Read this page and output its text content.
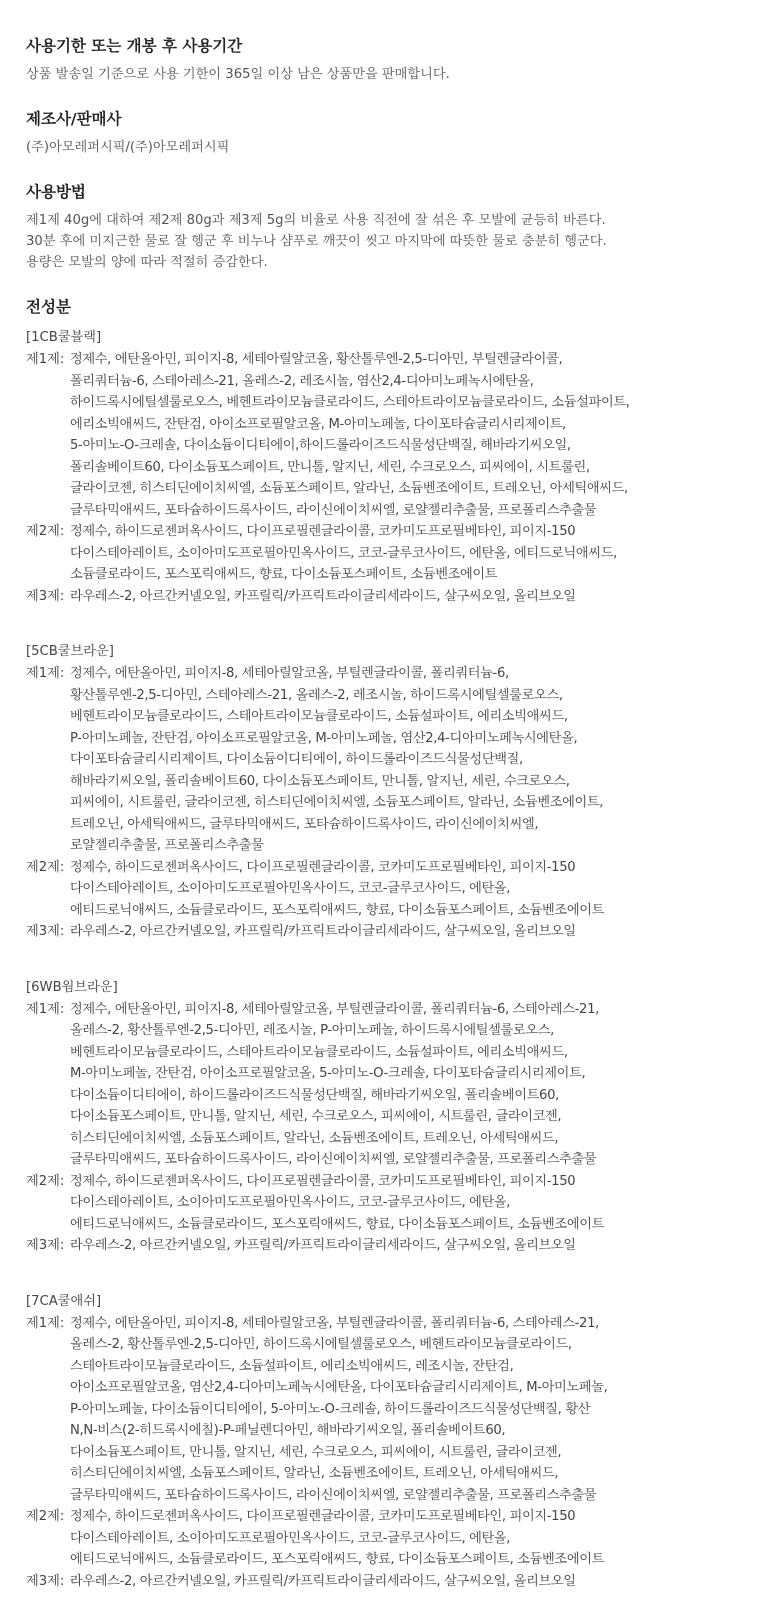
사용기한 또는 개봉 후 사용기간

상품 발송일 기준으로 사용 기한이 365일 이상 남은 상품만을 판매합니다.

제조사/판매사

(주)아모레퍼시픽/(주)아모레퍼시픽

사용방법

제1제 40g에 대하여 제2제 80g과 제3제 5g의 비율로 사용 직전에 잘 섞은 후 모발에 균등히 바른다.

30분 후에 미지근한 물로 잘 헹군 후 비누나 샴푸로 깨끗이 씻고 마지막에 따뜻한 물로 충분히 헹군다.

용량은 모발의 양에 따라 적절히 증감한다.

전성분
[1CB쿨블랙]
제1제: 정제수, 에탄올아민, 피이지-8, 세테아릴알코올, 황산톨루엔-2,5-디아민, 부틸렌글라이콜,
폴리쿼터늄-6, 스테아레스-21, 올레스-2, 레조시놀, 염산2,4-디아미노페녹시에탄올,
하이드록시에틸셀룰로오스, 베헨트라이모늄클로라이드, 스테아트라이모늄클로라이드, 소듐설파이트,
에리소빅애씨드, 잔탄검, 아이소프로필알코올, M-아미노페놀, 다이포타슘글리시리제이트,
5-아미노-O-크레솔, 다이소듐이디티에이,하이드롤라이즈드식물성단백질, 해바라기씨오일,
폴리솔베이트60, 다이소듐포스페이트, 만니톨, 알지닌, 세린, 수크로오스, 피씨에이, 시트룰린,
글라이코젠, 히스티딘에이치씨엘, 소듐포스페이트, 알라닌, 소듐벤조에이트, 트레오닌, 아세틱애씨드,
글루타믹애씨드, 포타슘하이드록사이드, 라이신에이치씨엘, 로얄젤리추출물, 프로폴리스추출물
제2제: 정제수, 하이드로젠퍼옥사이드, 다이프로필렌글라이콜, 코카미도프로필베타인, 피이지-150
다이스테아레이트, 소이아미도프로필아민옥사이드, 코코-글루코사이드, 에탄올, 에티드로닉애씨드,
소듐클로라이드, 포스포릭애씨드, 향료, 다이소듐포스페이트, 소듐벤조에이트
제3제: 라우레스-2, 아르간커넬오일, 카프릴릭/카프릭트라이글리세라이드, 살구씨오일, 올리브오일
[5CB쿨브라운]
제1제: 정제수, 에탄올아민, 피이지-8, 세테아릴알코올, 부틸렌글라이콜, 폴리쿼터늄-6,
황산톨루엔-2,5-디아민, 스테아레스-21, 올레스-2, 레조시놀, 하이드록시에틸셀룰로오스,
베헨트라이모늄클로라이드, 스테아트라이모늄클로라이드, 소듐설파이트, 에리소빅애씨드,
P-아미노페놀, 잔탄검, 아이소프로필알코올, M-아미노페놀, 염산2,4-디아미노페녹시에탄올,
다이포타슘글리시리제이트, 다이소듐이디티에이, 하이드롤라이즈드식물성단백질,
해바라기씨오일, 폴리솔베이트60, 다이소듐포스페이트, 만니톨, 알지닌, 세린, 수크로오스,
피씨에이, 시트룰린, 글라이코젠, 히스티딘에이치씨엘, 소듐포스페이트, 알라닌, 소듐벤조에이트,
트레오닌, 아세틱애씨드, 글루타믹애씨드, 포타슘하이드록사이드, 라이신에이치씨엘,
로얄젤리추출물, 프로폴리스추출물
제2제: 정제수, 하이드로젠퍼옥사이드, 다이프로필렌글라이콜, 코카미도프로필베타인, 피이지-150
다이스테아레이트, 소이아미도프로필아민옥사이드, 코코-글루코사이드, 에탄올,
에티드로닉애씨드, 소듐클로라이드, 포스포릭애씨드, 향료, 다이소듐포스페이트, 소듐벤조에이트
제3제: 라우레스-2, 아르간커넬오일, 카프릴릭/카프릭트라이글리세라이드, 살구씨오일, 올리브오일
[6WB웜브라운]
제1제: 정제수, 에탄올아민, 피이지-8, 세테아릴알코올, 부틸렌글라이콜, 폴리쿼터늄-6, 스테아레스-21,
올레스-2, 황산톨루엔-2,5-디아민, 레조시놀, P-아미노페놀, 하이드록시에틸셀룰로오스,
베헨트라이모늄클로라이드, 스테아트라이모늄클로라이드, 소듐설파이트, 에리소빅애씨드,
M-아미노페놀, 잔탄검, 아이소프로필알코올, 5-아미노-O-크레솔, 다이포타슘글리시리제이트,
다이소듐이디티에이, 하이드롤라이즈드식물성단백질, 해바라기씨오일, 폴리솔베이트60,
다이소듐포스페이트, 만니톨, 알지닌, 세린, 수크로오스, 피씨에이, 시트룰린, 글라이코젠,
히스티딘에이치씨엘, 소듐포스페이트, 알라닌, 소듐벤조에이트, 트레오닌, 아세틱애씨드,
글루타믹애씨드, 포타슘하이드록사이드, 라이신에이치씨엘, 로얄젤리추출물, 프로폴리스추출물
제2제: 정제수, 하이드로젠퍼옥사이드, 다이프로필렌글라이콜, 코카미도프로필베타인, 피이지-150
다이스테아레이트, 소이아미도프로필아민옥사이드, 코코-글루코사이드, 에탄올,
에티드로닉애씨드, 소듐클로라이드, 포스포릭애씨드, 향료, 다이소듐포스페이트, 소듐벤조에이트
제3제: 라우레스-2, 아르간커넬오일, 카프릴릭/카프릭트라이글리세라이드, 살구씨오일, 올리브오일
[7CA쿨애쉬]
제1제: 정제수, 에탄올아민, 피이지-8, 세테아릴알코올, 부틸렌글라이콜, 폴리쿼터늄-6, 스테아레스-21,
올레스-2, 황산톨루엔-2,5-디아민, 하이드록시에틸셀룰로오스, 베헨트라이모늄클로라이드,
스테아트라이모늄클로라이드, 소듐설파이트, 에리소빅애씨드, 레조시놀, 잔탄검,
아이소프로필알코올, 염산2,4-디아미노페녹시에탄올, 다이포타슘글리시리제이트, M-아미노페놀,
P-아미노페놀, 다이소듐이디티에이, 5-아미노-O-크레솔, 하이드롤라이즈드식물성단백질, 황산
N,N-비스(2-히드록시에칠)-P-페닐렌디아민, 해바라기씨오일, 폴리솔베이트60,
다이소듐포스페이트, 만니톨, 알지닌, 세린, 수크로오스, 피씨에이, 시트룰린, 글라이코젠,
히스티딘에이치씨엘, 소듐포스페이트, 알라닌, 소듐벤조에이트, 트레오닌, 아세틱애씨드,
글루타믹애씨드, 포타슘하이드록사이드, 라이신에이치씨엘, 로얄젤리추출물, 프로폴리스추출물
제2제: 정제수, 하이드로젠퍼옥사이드, 다이프로필렌글라이콜, 코카미도프로필베타인, 피이지-150
다이스테아레이트, 소이아미도프로필아민옥사이드, 코코-글루코사이드, 에탄올,
에티드로닉애씨드, 소듐클로라이드, 포스포릭애씨드, 향료, 다이소듐포스페이트, 소듐벤조에이트
제3제: 라우레스-2, 아르간커넬오일, 카프릴릭/카프릭트라이글리세라이드, 살구씨오일, 올리브오일
